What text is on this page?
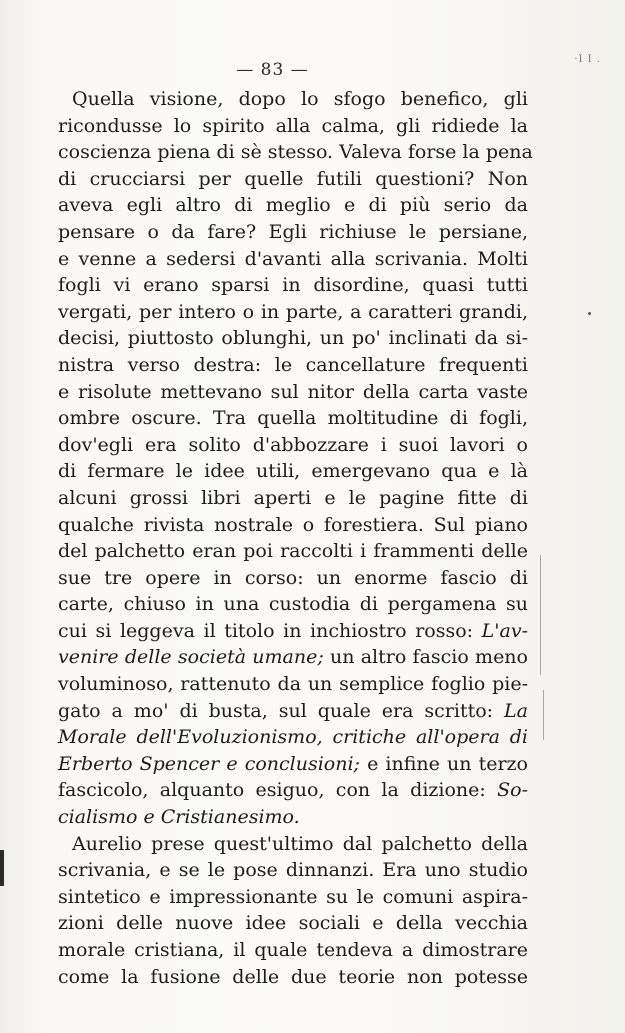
·I I .
— 83 —
Quella visione, dopo lo sfogo benefico, gli
ricondusse lo spirito alla calma, gli ridiede la
coscienza piena di sè stesso. Valeva forse la pena
di crucciarsi per quelle futili questioni? Non
aveva egli altro di meglio e di più serio da
pensare o da fare? Egli richiuse le persiane,
e venne a sedersi d'avanti alla scrivania. Molti
fogli vi erano sparsi in disordine, quasi tutti
vergati, per intero o in parte, a caratteri grandi,
decisi, piuttosto oblunghi, un po' inclinati da si-
nistra verso destra: le cancellature frequenti
e risolute mettevano sul nitor della carta vaste
ombre oscure. Tra quella moltitudine di fogli,
dov'egli era solito d'abbozzare i suoi lavori o
di fermare le idee utili, emergevano qua e là
alcuni grossi libri aperti e le pagine fitte di
qualche rivista nostrale o forestiera. Sul piano
del palchetto eran poi raccolti i frammenti delle
sue tre opere in corso: un enorme fascio di
carte, chiuso in una custodia di pergamena su
cui si leggeva il titolo in inchiostro rosso: L'av-
venire delle società umane; un altro fascio meno
voluminoso, rattenuto da un semplice foglio pie-
gato a mo' di busta, sul quale era scritto: La
Morale dell'Evoluzionismo, critiche all'opera di
Erberto Spencer e conclusioni; e infine un terzo
fascicolo, alquanto esiguo, con la dizione: So-
cialismo e Cristianesimo.
Aurelio prese quest'ultimo dal palchetto della
scrivania, e se le pose dinnanzi. Era uno studio
sintetico e impressionante su le comuni aspira-
zioni delle nuove idee sociali e della vecchia
morale cristiana, il quale tendeva a dimostrare
come la fusione delle due teorie non potesse
